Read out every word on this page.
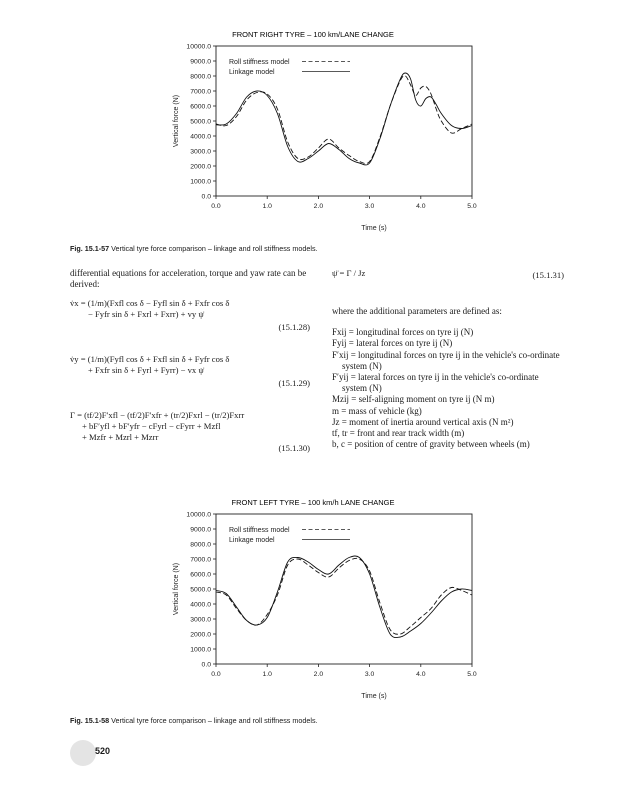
FRONT RIGHT TYRE – 100 km/LANE CHANGE
0.0
1000.0
2000.0
3000.0
4000.0
5000.0
6000.0
7000.0
8000.0
9000.0
10000.0
0.0	1.0	2.0	3.0	4.0	5.0
Time (s)
Vertical force (N)
Roll stiffness model
Linkage model
Fig. 15.1-57 Vertical tyre force comparison – linkage and roll stiffness models.

differential equations for acceleration, torque and yaw rate can be derived:

v̇x = (1/m)(Fxfl cos δ − Fyfl sin δ + Fxfr cos δ
− Fyfr sin δ + Fxrl + Fxrr) + vy ψ̇
(15.1.28)
v̇y = (1/m)(Fyfl cos δ + Fxfl sin δ + Fyfr cos δ
+ Fxfr sin δ + Fyrl + Fyrr) − vx ψ̇
(15.1.29)
Γ = (tf/2)F′xfl − (tf/2)F′xfr + (tr/2)Fxrl − (tr/2)Fxrr
+ bF′yfl + bF′yfr − cFyrl − cFyrr + Mzfl
+ Mzfr + Mzrl + Mzrr
(15.1.30)
ψ̈ = Γ / Jz	(15.1.31)

where the additional parameters are defined as:

Fxij = longitudinal forces on tyre ij (N)

Fyij = lateral forces on tyre ij (N)

F′xij = longitudinal forces on tyre ij in the vehicle's co-ordinate system (N)

F′yij = lateral forces on tyre ij in the vehicle's co-ordinate system (N)

Mzij = self-aligning moment on tyre ij (N m)

m = mass of vehicle (kg)

Jz = moment of inertia around vertical axis (N m²)

tf, tr = front and rear track width (m)

b, c = position of centre of gravity between wheels (m)

FRONT LEFT TYRE – 100 km/h LANE CHANGE
0.0
1000.0
2000.0
3000.0
4000.0
5000.0
6000.0
7000.0
8000.0
9000.0
10000.0
0.0	1.0	2.0	3.0	4.0	5.0
Time (s)
Vertical force (N)
Roll stiffness model
Linkage model
Fig. 15.1-58 Vertical tyre force comparison – linkage and roll stiffness models.
520
